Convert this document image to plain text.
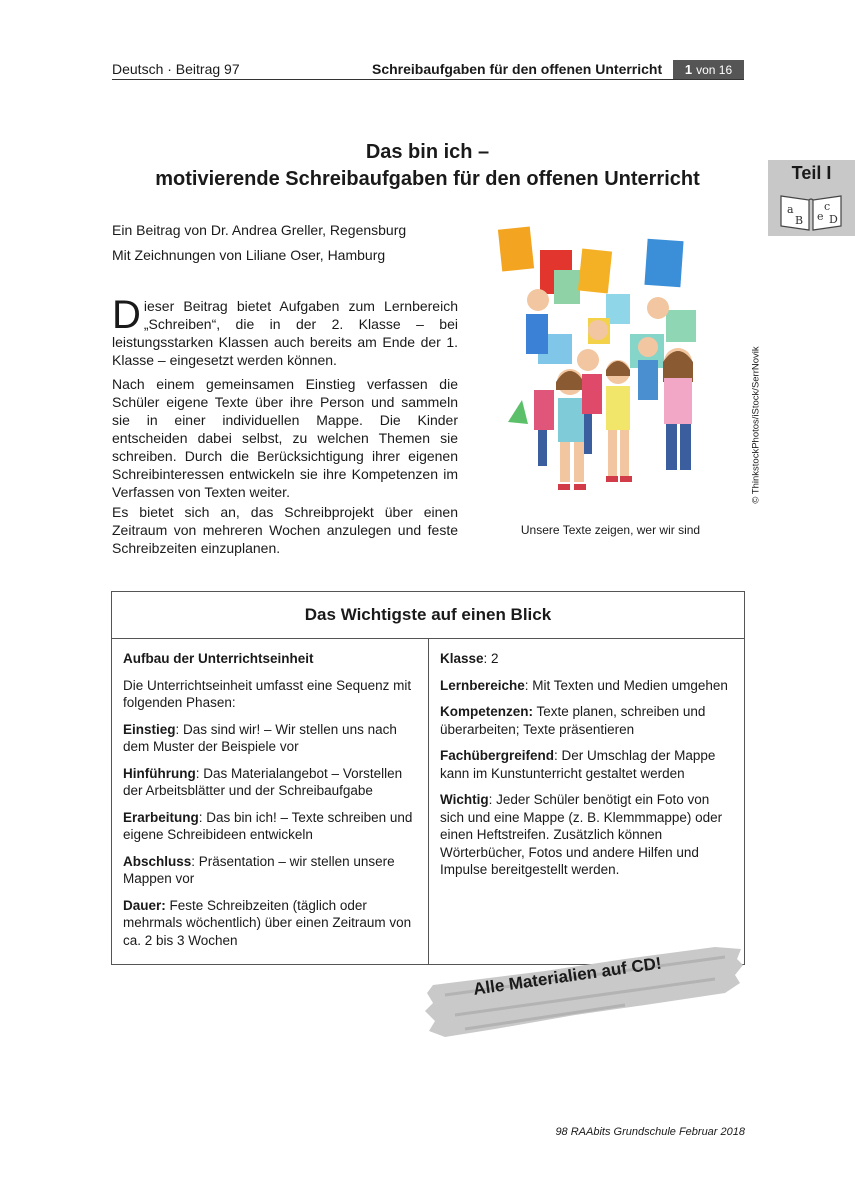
Deutsch · Beitrag 97	Schreibaufgaben für den offenen Unterricht 1 von 16
Teil I
a
B e
c
D
Das bin ich –
motivierende Schreibaufgaben für den offenen Unterricht
Ein Beitrag von Dr. Andrea Greller, Regensburg
Mit Zeichnungen von Liliane Oser, Hamburg

Dieser Beitrag bietet Aufgaben zum Lernbereich „Schreiben“, die in der 2. Klasse – bei leistungsstarken Klassen auch bereits am Ende der 1. Klasse – eingesetzt werden können.

Nach einem gemeinsamen Einstieg verfassen die Schüler eigene Texte über ihre Person und sammeln sie in einer individuellen Mappe. Die Kinder entscheiden dabei selbst, zu welchen Themen sie schreiben. Durch die Berücksichtigung ihrer eigenen Schreibinteressen entwickeln sie ihre Kompetenzen im Verfassen von Texten weiter.
Es bietet sich an, das Schreibprojekt über einen Zeitraum von mehreren Wochen anzulegen und feste Schreibzeiten einzuplanen.
Unsere Texte zeigen, wer wir sind
© ThinkstockPhotos/iStock/SerrNovik
Das Wichtigste auf einen Blick

Aufbau der Unterrichtseinheit

Die Unterrichtseinheit umfasst eine Sequenz mit folgenden Phasen:

Einstieg: Das sind wir! – Wir stellen uns nach dem Muster der Beispiele vor

Hinführung: Das Materialangebot – Vorstellen der Arbeitsblätter und der Schreibaufgabe

Erarbeitung: Das bin ich! – Texte schreiben und eigene Schreibideen entwickeln

Abschluss: Präsentation – wir stellen unsere Mappen vor

Dauer: Feste Schreibzeiten (täglich oder mehrmals wöchentlich) über einen Zeitraum von ca. 2 bis 3 Wochen

Klasse: 2

Lernbereiche: Mit Texten und Medien umgehen

Kompetenzen: Texte planen, schreiben und überarbeiten; Texte präsentieren

Fachübergreifend: Der Umschlag der Mappe kann im Kunstunterricht gestaltet werden

Wichtig: Jeder Schüler benötigt ein Foto von sich und eine Mappe (z. B. Klemmmappe) oder einen Heftstreifen. Zusätzlich können Wörterbücher, Fotos und andere Hilfen und Impulse bereitgestellt werden.

Alle Materialien auf CD!
98 RAAbits Grundschule Februar 2018
